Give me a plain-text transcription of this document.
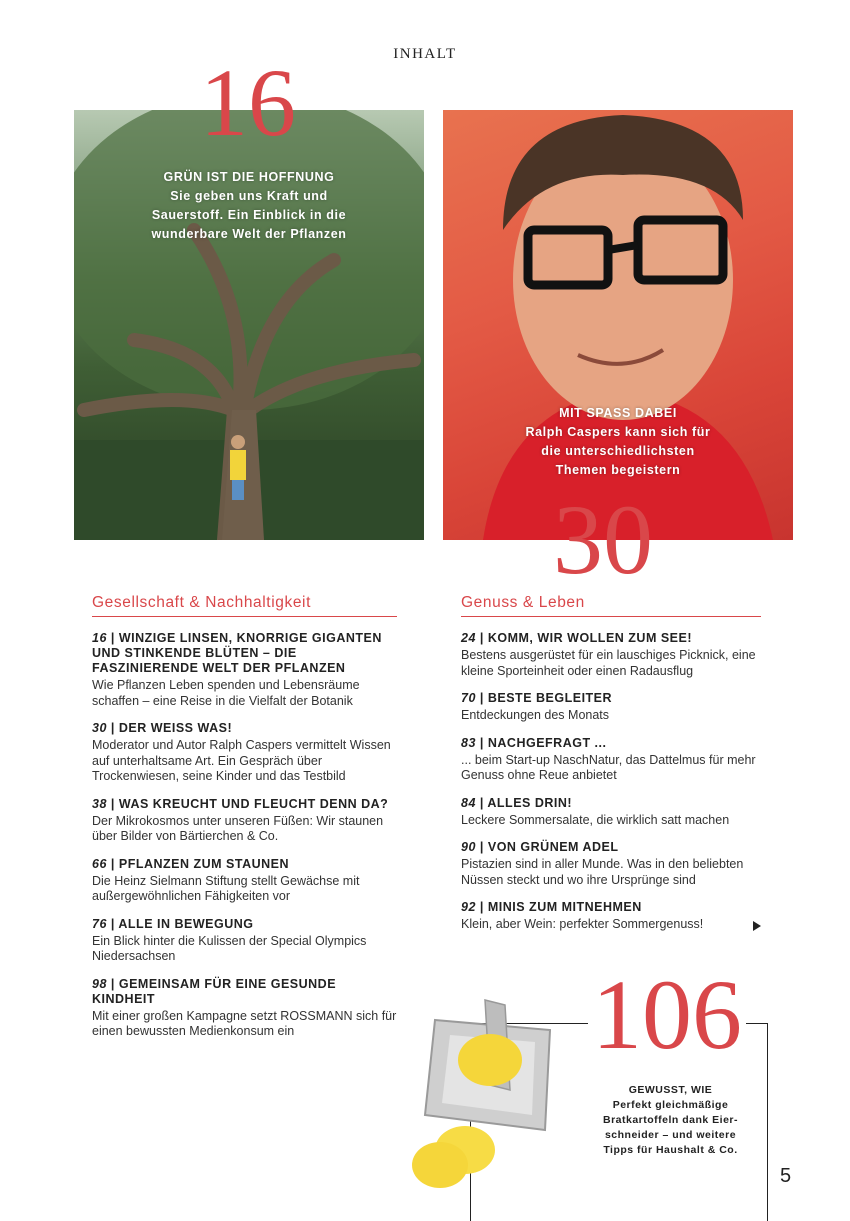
INHALT
16
GRÜN IST DIE HOFFNUNG
Sie geben uns Kraft und
Sauerstoff. Ein Einblick in die
wunderbare Welt der Pflanzen
MIT SPASS DABEI
Ralph Caspers kann sich für
die unterschiedlichsten
Themen begeistern
30
Gesellschaft & Nachhaltigkeit
16 | WINZIGE LINSEN, KNORRIGE GIGANTEN UND STINKENDE BLÜTEN – DIE FASZINIERENDE WELT DER PFLANZEN
Wie Pflanzen Leben spenden und Lebensräume schaffen – eine Reise in die Vielfalt der Botanik
30 | DER WEISS WAS!
Moderator und Autor Ralph Caspers vermittelt Wissen auf unterhaltsame Art. Ein Gespräch über Trockenwiesen, seine Kinder und das Testbild
38 | WAS KREUCHT UND FLEUCHT DENN DA?
Der Mikrokosmos unter unseren Füßen: Wir staunen über Bilder von Bärtierchen & Co.
66 | PFLANZEN ZUM STAUNEN
Die Heinz Sielmann Stiftung stellt Gewächse mit außergewöhnlichen Fähigkeiten vor
76 | ALLE IN BEWEGUNG
Ein Blick hinter die Kulissen der Special Olympics Niedersachsen
98 | GEMEINSAM FÜR EINE GESUNDE KINDHEIT
Mit einer großen Kampagne setzt ROSSMANN sich für einen bewussten Medienkonsum ein
Genuss & Leben
24 | KOMM, WIR WOLLEN ZUM SEE!
Bestens ausgerüstet für ein lauschiges Picknick, eine kleine Sporteinheit oder einen Radausflug
70 | BESTE BEGLEITER
Entdeckungen des Monats
83 | NACHGEFRAGT ...
... beim Start-up NaschNatur, das Dattelmus für mehr Genuss ohne Reue anbietet
84 | ALLES DRIN!
Leckere Sommersalate, die wirklich satt machen
90 | VON GRÜNEM ADEL
Pistazien sind in aller Munde. Was in den beliebten Nüssen steckt und wo ihre Ursprünge sind
92 | MINIS ZUM MITNEHMEN
Klein, aber Wein: perfekter Sommergenuss!
106
GEWUSST, WIE
Perfekt gleichmäßige
Bratkartoffeln dank Eier-
schneider – und weitere
Tipps für Haushalt & Co.
5
